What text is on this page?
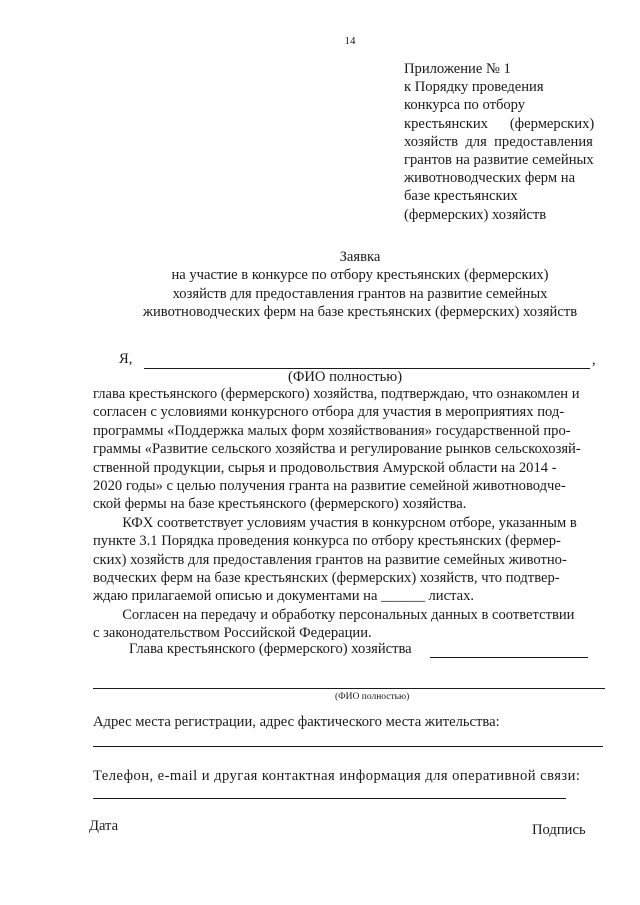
14
Приложение № 1
к Порядку проведения
конкурса по отбору
крестьянских      (фермерских)
хозяйств  для  предоставления
грантов на развитие семейных
животноводческих ферм на
базе крестьянских
(фермерских) хозяйств
Заявка
на участие в конкурсе по отбору крестьянских (фермерских)
хозяйств для предоставления грантов на развитие семейных
животноводческих ферм на базе крестьянских (фермерских) хозяйств
Я,	,
(ФИО полностью)
глава крестьянского (фермерского) хозяйства, подтверждаю, что ознакомлен и
согласен с условиями конкурсного отбора для участия в мероприятиях под-
программы «Поддержка малых форм хозяйствования» государственной про-
граммы «Развитие сельского хозяйства и регулирование рынков сельскохозяй-
ственной продукции, сырья и продовольствия Амурской области на 2014 -
2020 годы» с целью получения гранта на развитие семейной животноводче-
ской фермы на базе крестьянского (фермерского) хозяйства.
КФХ соответствует условиям участия в конкурсном отборе, указанным в
пункте 3.1 Порядка проведения конкурса по отбору крестьянских (фермер-
ских) хозяйств для предоставления грантов на развитие семейных животно-
водческих ферм на базе крестьянских (фермерских) хозяйств, что подтвер-
ждаю прилагаемой описью и документами на ______ листах.
Согласен на передачу и обработку персональных данных в соответствии
с законодательством Российской Федерации.
Глава крестьянского (фермерского) хозяйства
(ФИО полностью)
Адрес места регистрации, адрес фактического места жительства:
Телефон, e-mail и другая контактная информация для оперативной связи:
Дата	Подпись
